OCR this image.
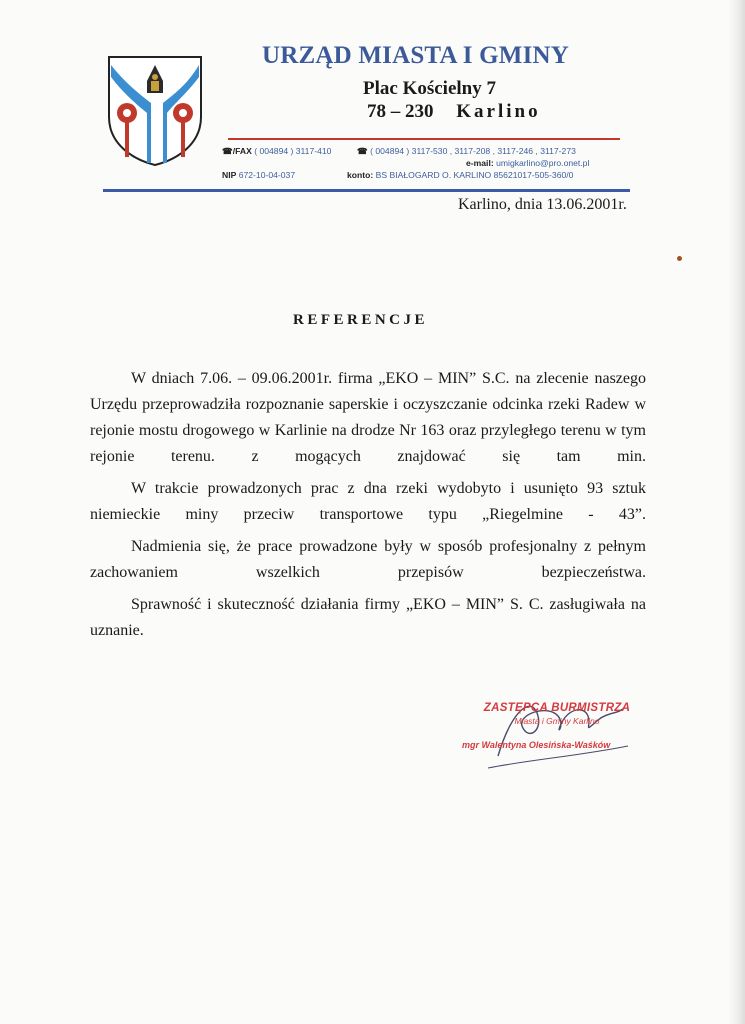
URZĄD MIASTA I GMINY
Plac Kościelny 7
78 – 230 Karlino
☎/FAX ( 004894 ) 3117-410	☎ ( 004894 ) 3117-530 , 3117-208 , 3117-246 , 3117-273
e-mail: umigkarlino@pro.onet.pl
NIP 672-10-04-037	konto: BS BIAŁOGARD O. KARLINO 85621017-505-360/0
Karlino, dnia 13.06.2001r.
REFERENCJE

W dniach 7.06. – 09.06.2001r. firma „EKO – MIN” S.C. na zlecenie naszego Urzędu przeprowadziła rozpoznanie saperskie i oczyszczanie odcinka rzeki Radew w rejonie mostu drogowego w Karlinie na drodze Nr 163 oraz przyległego terenu w tym rejonie terenu. z mogących znajdować się tam min.

W trakcie prowadzonych prac z dna rzeki wydobyto i usunięto 93 sztuk niemieckie miny przeciw transportowe typu „Riegelmine - 43”.

Nadmienia się, że prace prowadzone były w sposób profesjonalny z pełnym zachowaniem wszelkich przepisów bezpieczeństwa.

Sprawność i skuteczność działania firmy „EKO – MIN” S. C. zasługiwała na uznanie.

ZASTĘPCA BURMISTRZA
Miasta i Gminy Karlino
mgr Walentyna Olesińska-Waśków
